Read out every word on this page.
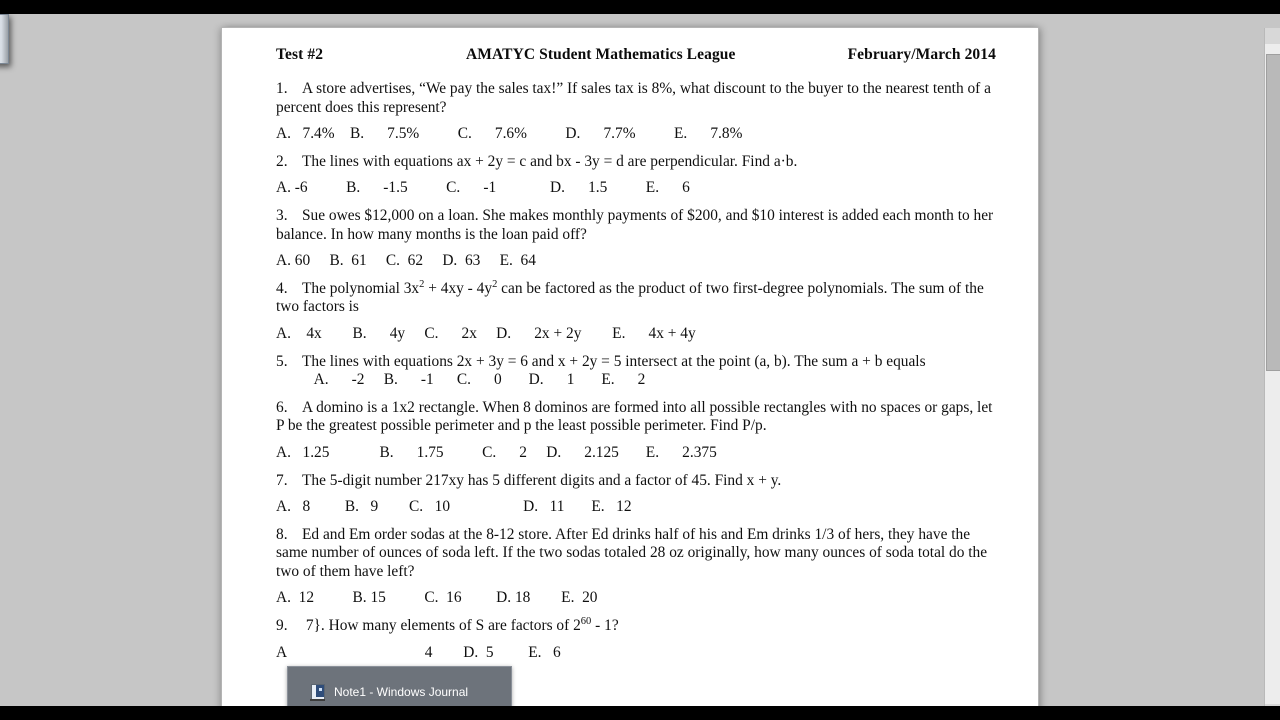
Test #2	AMATYC Student Mathematics League	February/March 2014
1. A store advertises, “We pay the sales tax!” If sales tax is 8%, what discount to the buyer to the nearest tenth of a percent does this represent?
A.   7.4%    B.      7.5%          C.      7.6%          D.      7.7%          E.      7.8%
2. The lines with equations ax + 2y = c and bx - 3y = d are perpendicular. Find a·b.
A. -6          B.      -1.5          C.      -1              D.      1.5          E.      6
3. Sue owes $12,000 on a loan. She makes monthly payments of $200, and $10 interest is added each month to her balance. In how many months is the loan paid off?
A. 60     B.  61     C.  62     D.  63     E.  64
4. The polynomial $3x^2 + 4xy - 4y^2$ can be factored as the product of two first-degree polynomials. The sum of the two factors is
A.    4x        B.      4y     C.      2x     D.      2x + 2y        E.      4x + 4y
5. The lines with equations 2x + 3y = 6 and x + 2y = 5 intersect at the point (a, b). The sum a + b equals          A.      -2     B.      -1      C.      0       D.      1       E.      2
6. A domino is a 1x2 rectangle. When 8 dominos are formed into all possible rectangles with no spaces or gaps, let P be the greatest possible perimeter and p the least possible perimeter. Find P/p.
A.   1.25             B.      1.75          C.      2     D.      2.125       E.      2.375
7. The 5-digit number 217xy has 5 different digits and a factor of 45. Find x + y.
A.   8         B.   9        C.   10                   D.   11       E.   12
8. Ed and Em order sodas at the 8-12 store. After Ed drinks half of his and Em drinks 1/3 of hers, they have the same number of ounces of soda left. If the two sodas totaled 28 oz originally, how many ounces of soda total do the two of them have left?
A.  12          B. 15          C.  16         D. 18        E.  20
9. 7}. How many elements of S are factors of $2^{60} - 1$?
A                                    4        D.  5         E.   6
Note1 - Windows Journal
